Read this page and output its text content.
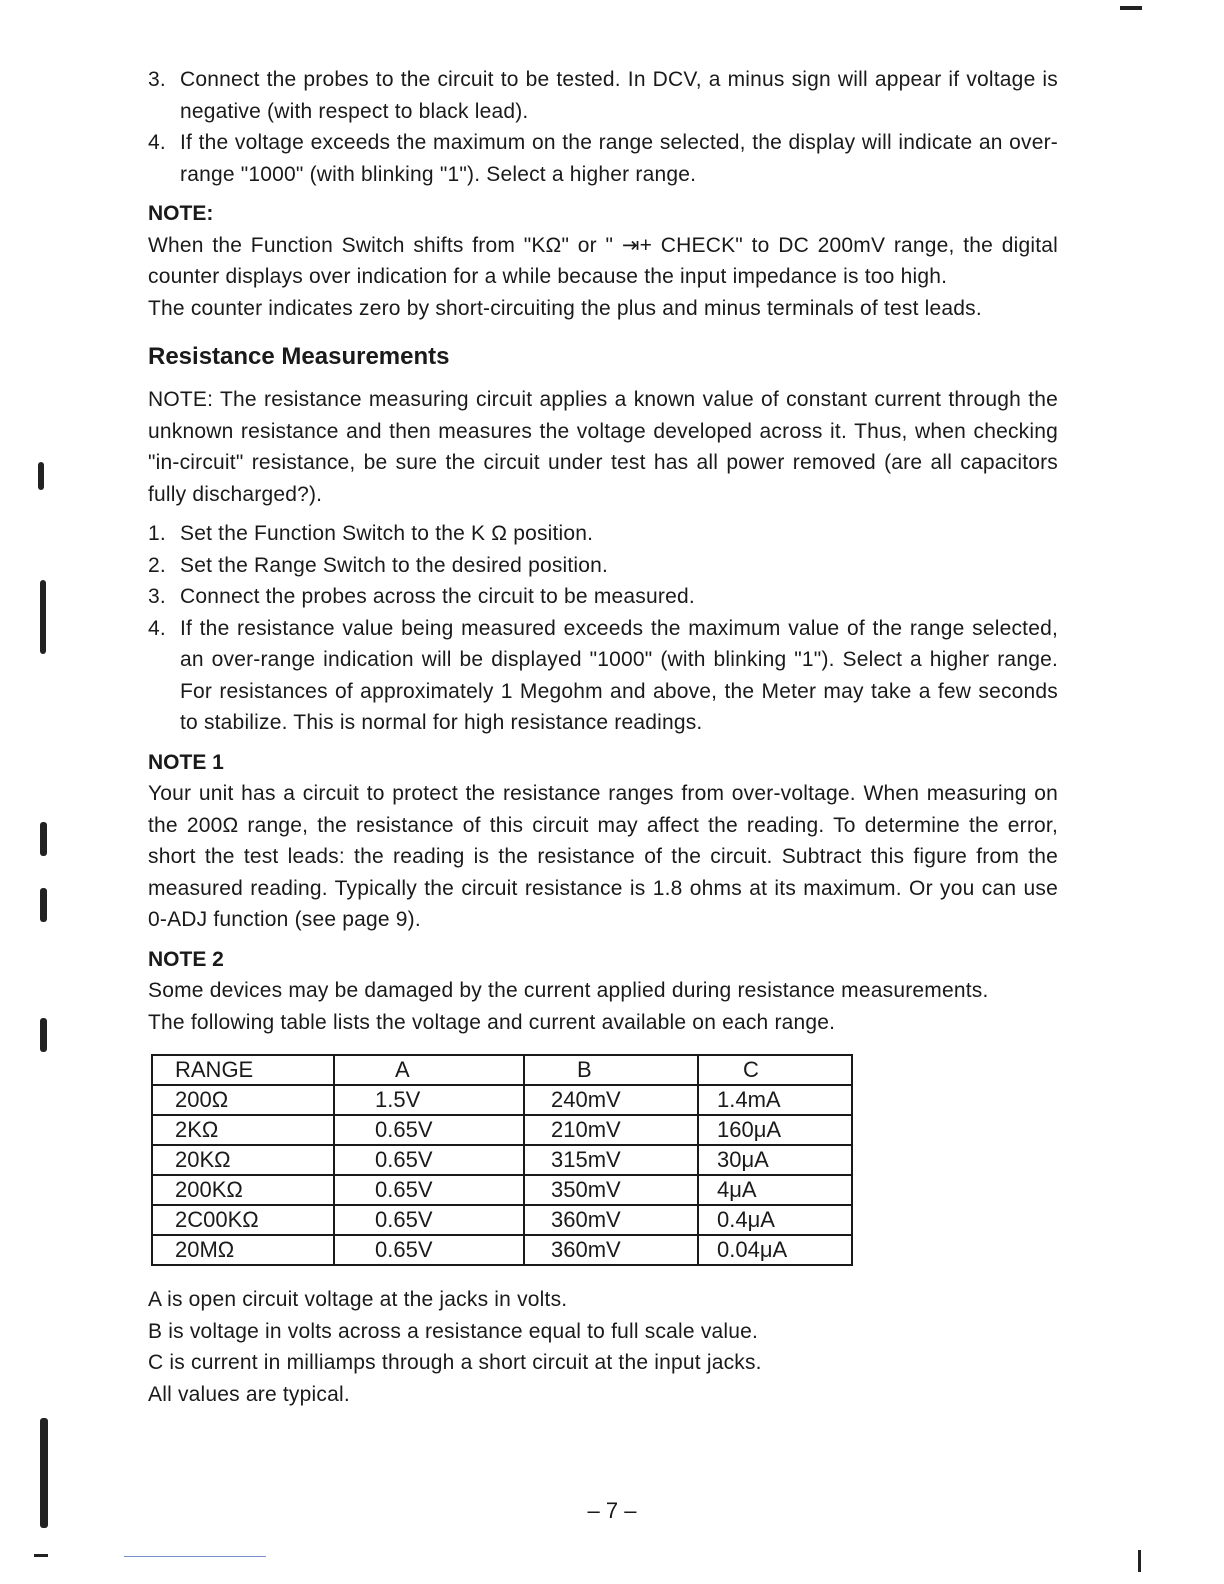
3. Connect the probes to the circuit to be tested. In DCV, a minus sign will appear if voltage is negative (with respect to black lead).
4. If the voltage exceeds the maximum on the range selected, the display will indicate an over-range "1000" (with blinking "1"). Select a higher range.
NOTE:

When the Function Switch shifts from "KΩ" or " ⇥+ CHECK" to DC 200mV range, the digital counter displays over indication for a while because the input impedance is too high.

The counter indicates zero by short-circuiting the plus and minus terminals of test leads.

Resistance Measurements

NOTE: The resistance measuring circuit applies a known value of constant current through the unknown resistance and then measures the voltage developed across it. Thus, when checking "in-circuit" resistance, be sure the circuit under test has all power removed (are all capacitors fully discharged?).

1. Set the Function Switch to the K Ω position.
2. Set the Range Switch to the desired position.
3. Connect the probes across the circuit to be measured.
4. If the resistance value being measured exceeds the maximum value of the range selected, an over-range indication will be displayed "1000" (with blinking "1"). Select a higher range. For resistances of approximately 1 Megohm and above, the Meter may take a few seconds to stabilize. This is normal for high resistance readings.
NOTE 1

Your unit has a circuit to protect the resistance ranges from over-voltage. When measuring on the 200Ω range, the resistance of this circuit may affect the reading. To determine the error, short the test leads: the reading is the resistance of the circuit. Subtract this figure from the measured reading. Typically the circuit resistance is 1.8 ohms at its maximum. Or you can use 0-ADJ function (see page 9).

NOTE 2

Some devices may be damaged by the current applied during resistance measurements.

The following table lists the voltage and current available on each range.

RANGE	A	B	C
200Ω	1.5V	240mV	1.4mA
2KΩ	0.65V	210mV	160μA
20KΩ	0.65V	315mV	30μA
200KΩ	0.65V	350mV	4μA
2C00KΩ	0.65V	360mV	0.4μA
20MΩ	0.65V	360mV	0.04μA

A is open circuit voltage at the jacks in volts.

B is voltage in volts across a resistance equal to full scale value.

C is current in milliamps through a short circuit at the input jacks.

All values are typical.

– 7 –
